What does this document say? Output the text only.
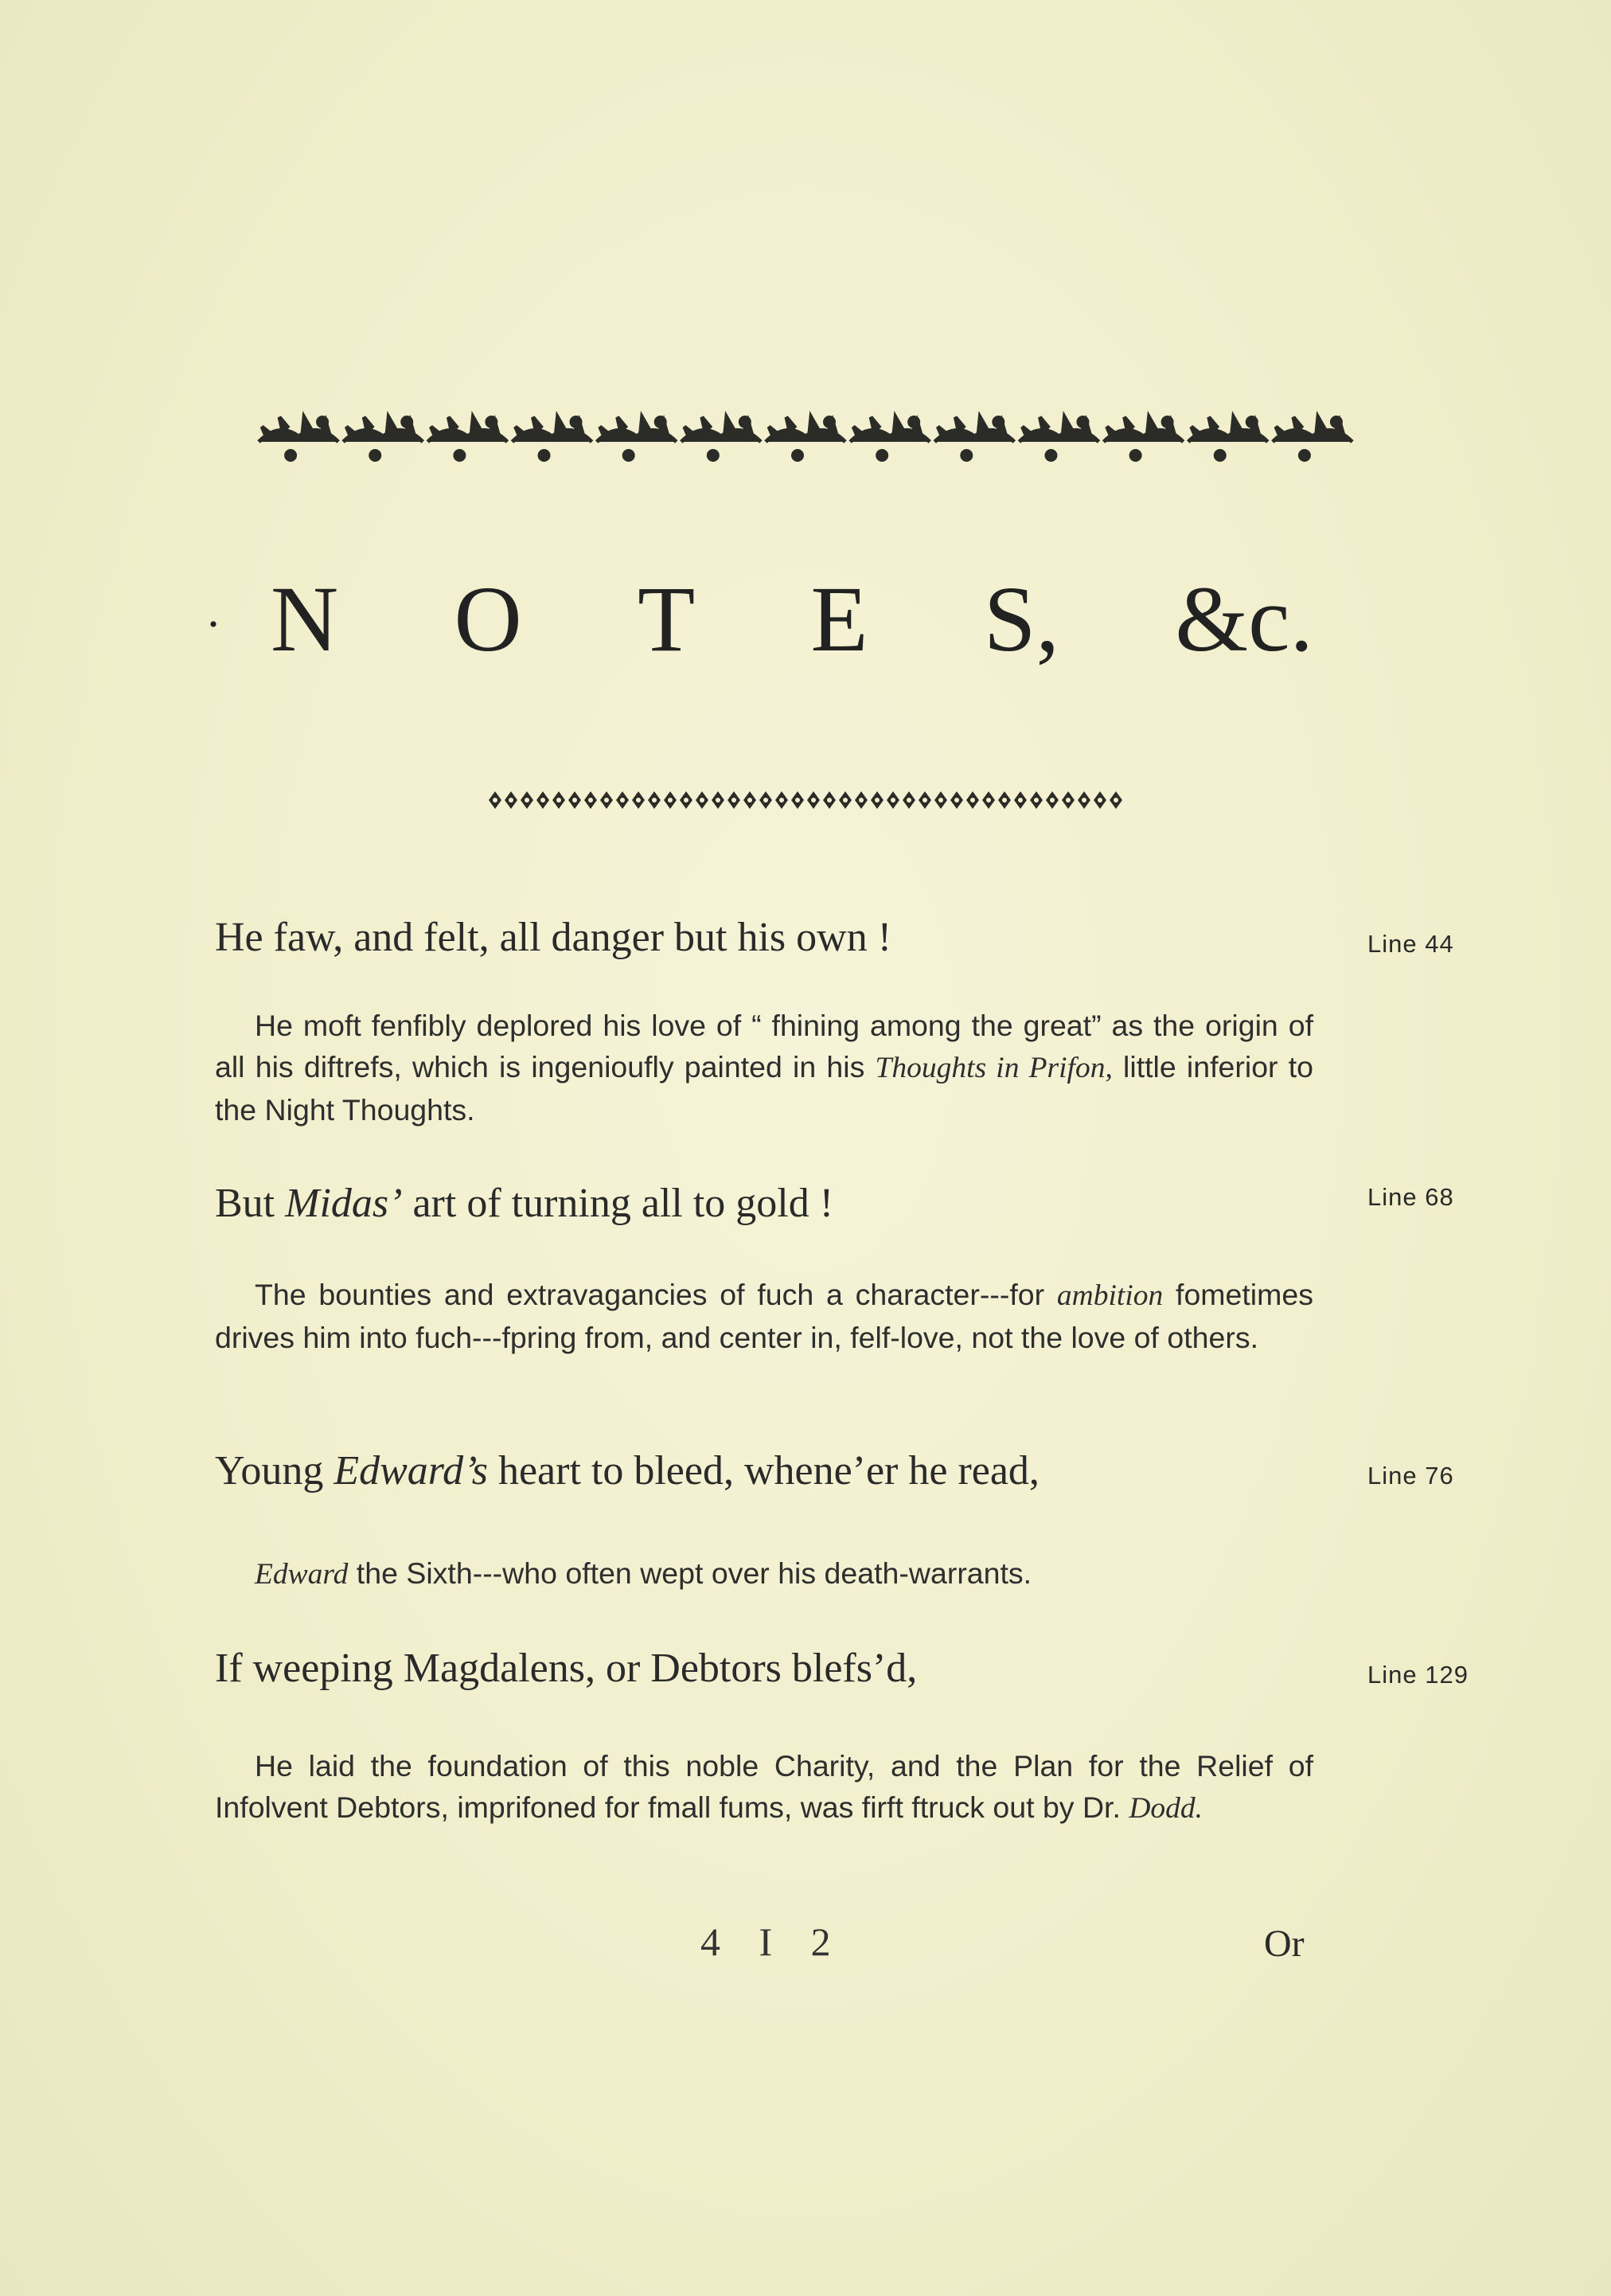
· N O T E S, &c.
He faw, and felt, all danger but his own !	Line 44
He moft fenfibly deplored his love of “ fhining among the great” as the origin of all his diftrefs, which is ingenioufly painted in his Thoughts in Prifon, little inferior to the Night Thoughts.
But Midas’ art of turning all to gold !	Line 68
The bounties and extravagancies of fuch a character---for ambition fometimes drives him into fuch---fpring from, and center in, felf-love, not the love of others.
Young Edward’s heart to bleed, whene’er he read,	Line 76
Edward the Sixth---who often wept over his death-warrants.
If weeping Magdalens, or Debtors blefs’d,	Line 129
He laid the foundation of this noble Charity, and the Plan for the Relief of Infolvent Debtors, imprifoned for fmall fums, was firft ftruck out by Dr. Dodd.
4 I 2	Or
